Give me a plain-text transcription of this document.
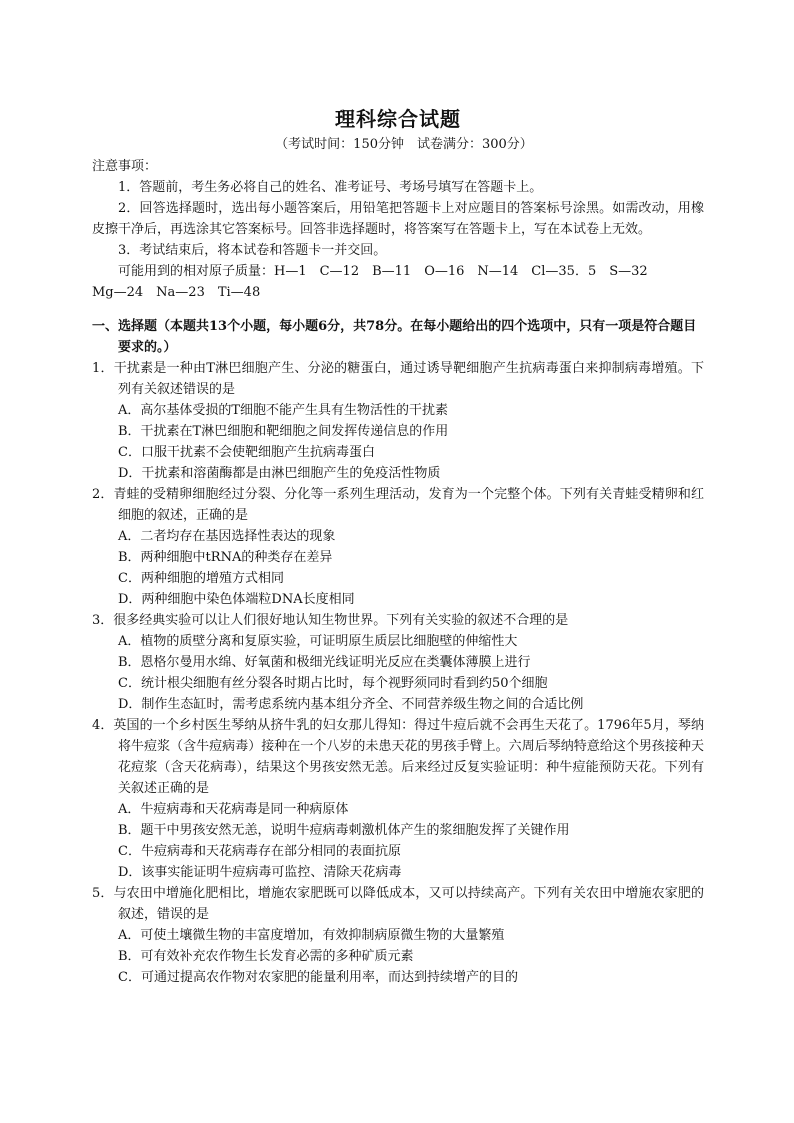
理科综合试题
（考试时间：150分钟　试卷满分：300分）
注意事项：
1．答题前，考生务必将自己的姓名、准考证号、考场号填写在答题卡上。
2．回答选择题时，选出每小题答案后，用铅笔把答题卡上对应题目的答案标号涂黑。如需改动，用橡皮擦干净后，再选涂其它答案标号。回答非选择题时，将答案写在答题卡上，写在本试卷上无效。
3．考试结束后，将本试卷和答题卡一并交回。
可能用到的相对原子质量：H—1　C—12　B—11　O—16　N—14　Cl—35．5　S—32
Mg—24　Na—23　Ti—48
一、选择题（本题共13个小题，每小题6分，共78分。在每小题给出的四个选项中，只有一项是符合题目要求的。）
1．干扰素是一种由T淋巴细胞产生、分泌的糖蛋白，通过诱导靶细胞产生抗病毒蛋白来抑制病毒增殖。下列有关叙述错误的是
A．高尔基体受损的T细胞不能产生具有生物活性的干扰素
B．干扰素在T淋巴细胞和靶细胞之间发挥传递信息的作用
C．口服干扰素不会使靶细胞产生抗病毒蛋白
D．干扰素和溶菌酶都是由淋巴细胞产生的免疫活性物质
2．青蛙的受精卵细胞经过分裂、分化等一系列生理活动，发育为一个完整个体。下列有关青蛙受精卵和红细胞的叙述，正确的是
A．二者均存在基因选择性表达的现象
B．两种细胞中tRNA的种类存在差异
C．两种细胞的增殖方式相同
D．两种细胞中染色体端粒DNA长度相同
3．很多经典实验可以让人们很好地认知生物世界。下列有关实验的叙述不合理的是
A．植物的质壁分离和复原实验，可证明原生质层比细胞壁的伸缩性大
B．恩格尔曼用水绵、好氧菌和极细光线证明光反应在类囊体薄膜上进行
C．统计根尖细胞有丝分裂各时期占比时，每个视野须同时看到约50个细胞
D．制作生态缸时，需考虑系统内基本组分齐全、不同营养级生物之间的合适比例
4．英国的一个乡村医生琴纳从挤牛乳的妇女那儿得知：得过牛痘后就不会再生天花了。1796年5月，琴纳将牛痘浆（含牛痘病毒）接种在一个八岁的未患天花的男孩手臂上。六周后琴纳特意给这个男孩接种天花痘浆（含天花病毒），结果这个男孩安然无恙。后来经过反复实验证明：种牛痘能预防天花。下列有关叙述正确的是
A．牛痘病毒和天花病毒是同一种病原体
B．题干中男孩安然无恙，说明牛痘病毒刺激机体产生的浆细胞发挥了关键作用
C．牛痘病毒和天花病毒存在部分相同的表面抗原
D．该事实能证明牛痘病毒可监控、清除天花病毒
5．与农田中增施化肥相比，增施农家肥既可以降低成本，又可以持续高产。下列有关农田中增施农家肥的叙述，错误的是
A．可使土壤微生物的丰富度增加，有效抑制病原微生物的大量繁殖
B．可有效补充农作物生长发育必需的多种矿质元素
C．可通过提高农作物对农家肥的能量利用率，而达到持续增产的目的
